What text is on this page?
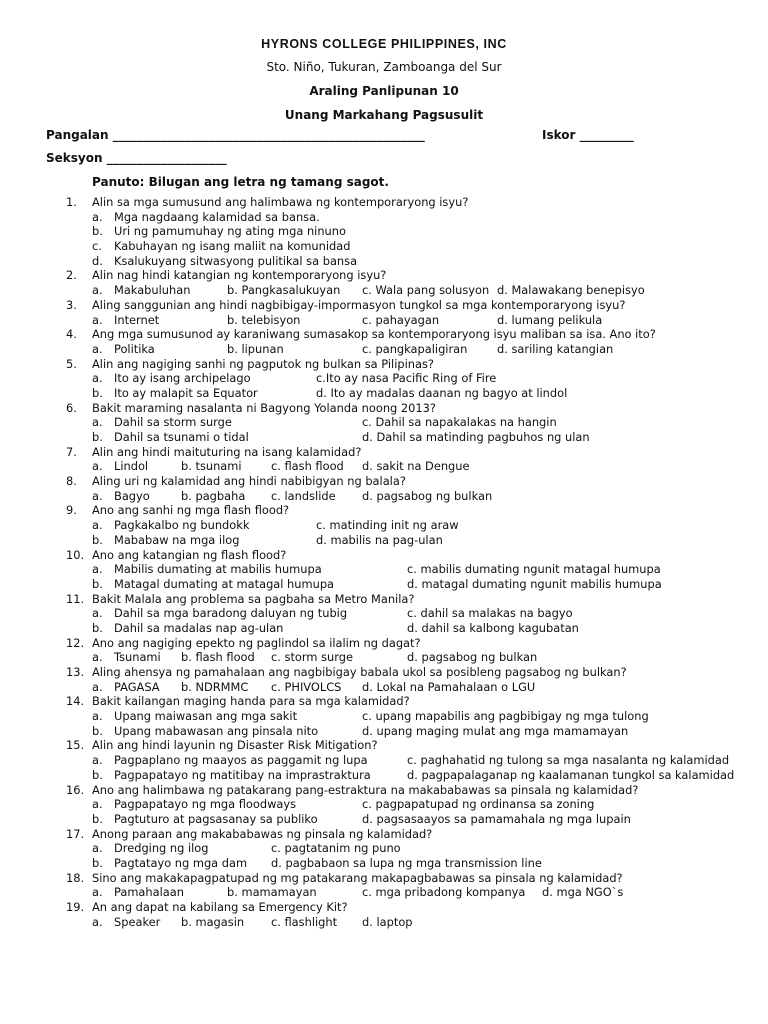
HYRONS COLLEGE PHILIPPINES, INC
Sto. Niño, Tukuran, Zamboanga del Sur
Araling Panlipunan 10
Unang Markahang Pagsusulit
Pangalan ____________________________________________________	Iskor _________
Seksyon ____________________
Panuto: Bilugan ang letra ng tamang sagot.
1. Alin sa mga sumusund ang halimbawa ng kontemporaryong isyu?
a. Mga nagdaang kalamidad sa bansa.
b. Uri ng pamumuhay ng ating mga ninuno
c. Kabuhayan ng isang maliit na komunidad
d. Ksalukuyang sitwasyong pulitikal sa bansa
2. Alin nag hindi katangian ng kontemporaryong isyu?
a. Makabuluhan	b. Pangkasalukuyan c. Wala pang solusyon d. Malawakang benepisyo
3. Aling sanggunian ang hindi nagbibigay-impormasyon tungkol sa mga kontemporaryong isyu?
a. Internet	b. telebisyon	c. pahayagan	d. lumang pelikula
4. Ang mga sumusunod ay karaniwang sumasakop sa kontemporaryong isyu maliban sa isa. Ano ito?
a. Politika	b. lipunan	c. pangkapaligiran	d. sariling katangian
5. Alin ang nagiging sanhi ng pagputok ng bulkan sa Pilipinas?
a. Ito ay isang archipelago	c.Ito ay nasa Pacific Ring of Fire
b. Ito ay malapit sa Equator	d. Ito ay madalas daanan ng bagyo at lindol
6. Bakit maraming nasalanta ni Bagyong Yolanda noong 2013?
a. Dahil sa storm surge	c. Dahil sa napakalakas na hangin
b. Dahil sa tsunami o tidal	d. Dahil sa matinding pagbuhos ng ulan
7. Alin ang hindi maituturing na isang kalamidad?
a. Lindol	b. tsunami	c. flash flood d. sakit na Dengue
8. Aling uri ng kalamidad ang hindi nabibigyan ng balala?
a. Bagyo	b. pagbaha c. landslide d. pagsabog ng bulkan
9. Ano ang sanhi ng mga flash flood?
a. Pagkakalbo ng bundokk	c. matinding init ng araw
b. Mababaw na mga ilog	d. mabilis na pag-ulan
10. Ano ang katangian ng flash flood?
a. Mabilis dumating at mabilis humupa	c. mabilis dumating ngunit matagal humupa
b. Matagal dumating at matagal humupa	d. matagal dumating ngunit mabilis humupa
11. Bakit Malala ang problema sa pagbaha sa Metro Manila?
a. Dahil sa mga baradong daluyan ng tubig	c. dahil sa malakas na bagyo
b. Dahil sa madalas nap ag-ulan	d. dahil sa kalbong kagubatan
12. Ano ang nagiging epekto ng paglindol sa ilalim ng dagat?
a. Tsunami b. flash flood c. storm surge	d. pagsabog ng bulkan
13. Aling ahensya ng pamahalaan ang nagbibigay babala ukol sa posibleng pagsabog ng bulkan?
a. PAGASA b. NDRMMC c. PHIVOLCS d. Lokal na Pamahalaan o LGU
14. Bakit kailangan maging handa para sa mga kalamidad?
a. Upang maiwasan ang mga sakit	c. upang mapabilis ang pagbibigay ng mga tulong
b. Upang mabawasan ang pinsala nito	d. upang maging mulat ang mga mamamayan
15. Alin ang hindi layunin ng Disaster Risk Mitigation?
a. Pagpaplano ng maayos as paggamit ng lupa	c. paghahatid ng tulong sa mga nasalanta ng kalamidad
b. Pagpapatayo ng matitibay na imprastraktura	d. pagpapalaganap ng kaalamanan tungkol sa kalamidad
16. Ano ang halimbawa ng patakarang pang-estraktura na makababawas sa pinsala ng kalamidad?
a. Pagpapatayo ng mga floodways	c. pagpapatupad ng ordinansa sa zoning
b. Pagtuturo at pagsasanay sa publiko	d. pagsasaayos sa pamamahala ng mga lupain
17. Anong paraan ang makababawas ng pinsala ng kalamidad?
a. Dredging ng ilog	c. pagtatanim ng puno
b. Pagtatayo ng mga dam d. pagbabaon sa lupa ng mga transmission line
18. Sino ang makakapagpatupad ng mg patakarang makapagbabawas sa pinsala ng kalamidad?
a. Pamahalaan	b. mamamayan	c. mga pribadong kompanya d. mga NGO`s
19. An ang dapat na kabilang sa Emergency Kit?
a. Speaker b. magasin c. flashlight d. laptop
